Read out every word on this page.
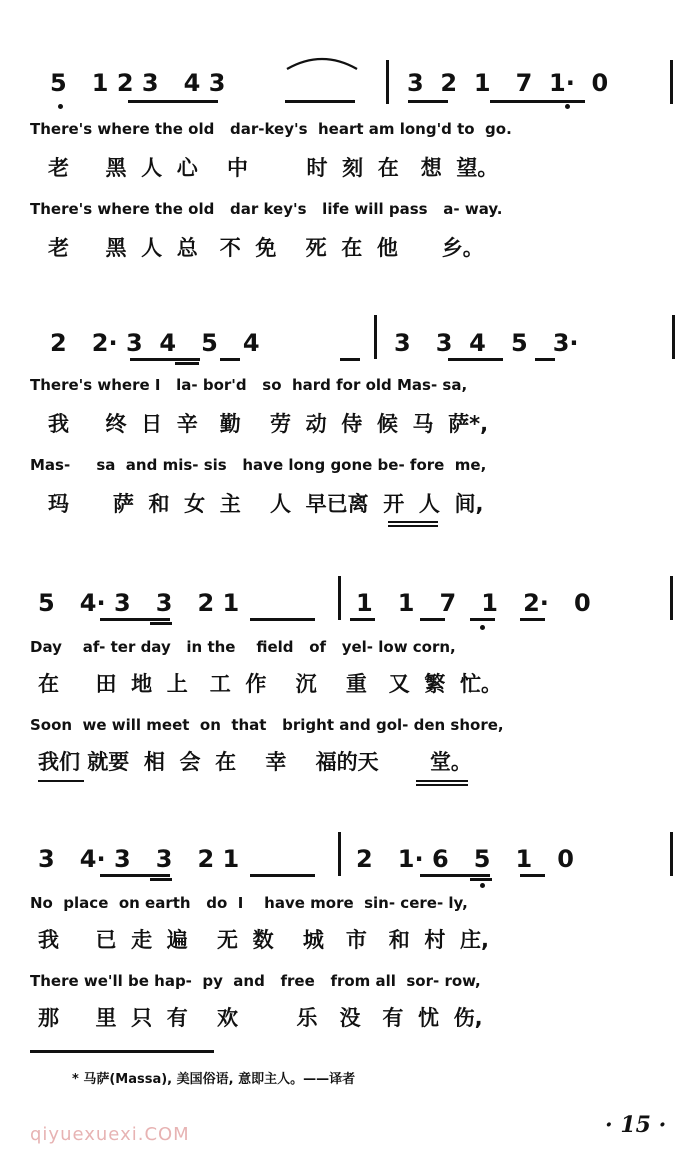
5   1 2 3   4 3	3  2  1   7  1·  0
There's where the old   dar-key's  heart am long'd to  go.
老     黑  人  心    中        时  刻  在   想  望。
There's where the old   dar key's   life will pass   a- way.
老     黑  人  总   不  免    死  在  他      乡。
2   2· 3  4   5   4	3   3  4   5   3·
There's where I   la- bor'd   so  hard for old Mas- sa,
我     终  日  辛   勤    劳  动  侍  候  马  萨*,
Mas-     sa  and mis- sis   have long gone be- fore  me,
玛      萨  和  女  主    人  早已离  开  人  间,
5   4· 3   3   2 1	1   1   7   1   2·   0
Day    af- ter day   in the    field   of   yel- low corn,
在     田  地  上   工  作    沉    重   又  繁  忙。
Soon  we will meet  on  that   bright and gol- den shore,
我们 就要  相  会  在    幸    福的天       堂。
3   4· 3   3   2 1	2   1· 6   5   1   0
No  place  on earth   do  I    have more  sin- cere- ly,
我     已  走  遍    无  数    城   市   和  村  庄,
There we'll be hap-  py  and   free   from all  sor- row,
那     里  只  有    欢        乐   没   有  忧  伤,
* 马萨(Massa), 美国俗语, 意即主人。——译者
qiyuexuexi.COM	· 15 ·
